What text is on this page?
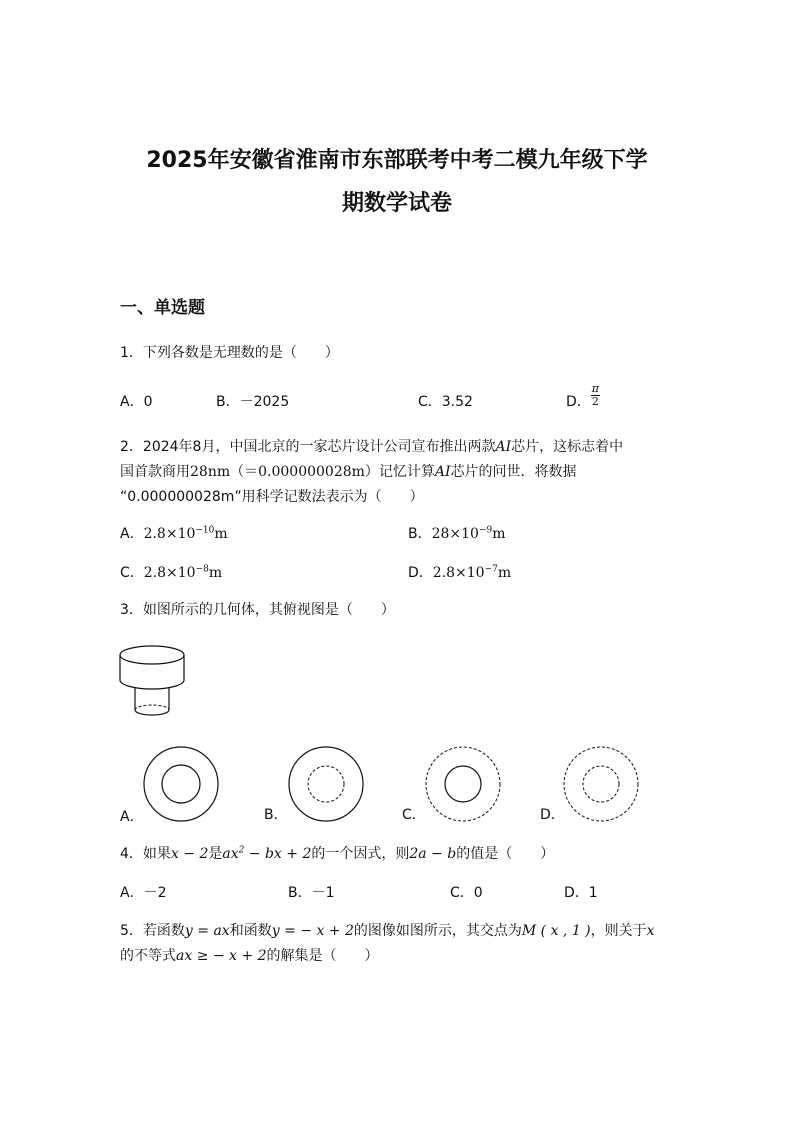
2025年安徽省淮南市东部联考中考二模九年级下学
期数学试卷
一、单选题
1．下列各数是无理数的是（　　）
A．0	B．－2025	C．3.52	D． $\frac{\pi}{2}$
2．2024年8月，中国北京的一家芯片设计公司宣布推出两款AI芯片，这标志着中
国首款商用28nm（＝0.000000028m）记忆计算AI芯片的问世．将数据
“0.000000028m”用科学记数法表示为（　　）
A．$2.8\times 10^{-10}m$	B．$28\times 10^{-9}m$
C．$2.8\times 10^{-8}m$	D．$2.8\times 10^{-7}m$
3．如图所示的几何体，其俯视图是（　　）
A．	B．	C．	D．
4．如果x − 2是$ax^2$ − bx + 2的一个因式，则2a − b的值是（　　）
A．－2	B．－1	C．0	D．1
5．若函数y = ax和函数y = − x + 2的图像如图所示，其交点为M ( x , 1 )，则关于x
的不等式ax ≥ − x + 2的解集是（　　）
